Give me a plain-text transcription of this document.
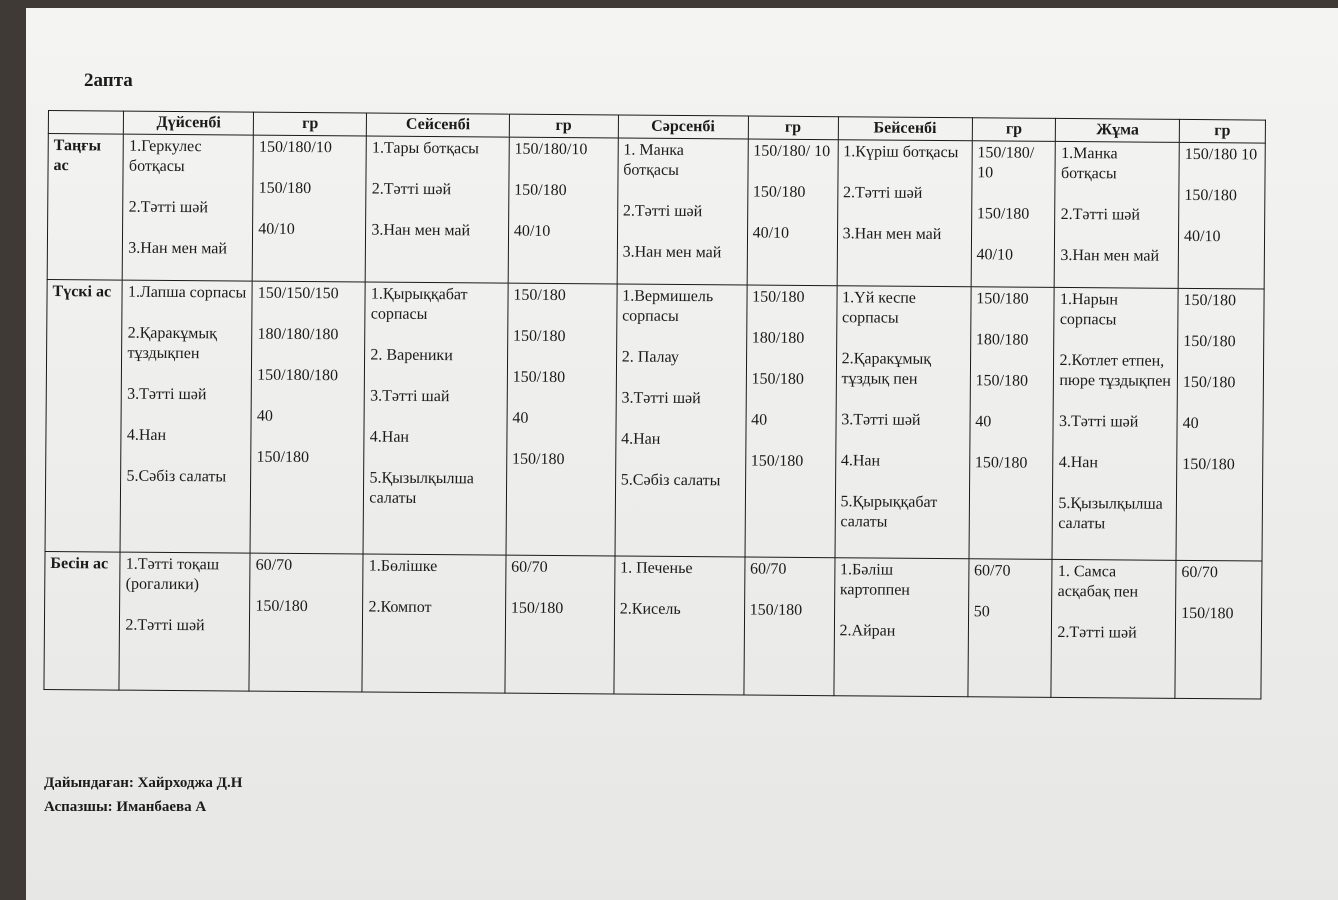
2апта
	Дүйсенбі	гр	Сейсенбі	гр	Сәрсенбі	гр	Бейсенбі	гр	Жұма	гр
Таңғы ас	1.Геркулес ботқасы
2.Тәтті шәй
3.Нан мен май	150/180/10
150/180
40/10	1.Тары ботқасы
2.Тәтті шәй
3.Нан мен май	150/180/10
150/180
40/10	1. Манка ботқасы
2.Тәтті шәй
3.Нан мен май	150/180/ 10
150/180
40/10	1.Күріш ботқасы
2.Тәтті шәй
3.Нан мен май	150/180/ 10
150/180
40/10	1.Манка ботқасы
2.Тәтті шәй
3.Нан мен май	150/180 10
150/180
40/10

Түскі ас	1.Лапша сорпасы
2.Қаракұмық тұздықпен
3.Тәтті шәй
4.Нан
5.Сәбіз салаты	150/150/150
180/180/180
150/180/180
40
150/180	1.Қырыққабат сорпасы
2. Вареники
3.Тәтті шай
4.Нан
5.Қызылқылша салаты	150/180
150/180
150/180
40
150/180	1.Вермишель сорпасы
2. Палау
3.Тәтті шәй
4.Нан
5.Сәбіз салаты	150/180
180/180
150/180
40
150/180	1.Үй кеспе сорпасы
2.Қаракұмық тұздық пен
3.Тәтті шәй
4.Нан
5.Қырыққабат салаты	150/180
180/180
150/180
40
150/180	1.Нарын сорпасы
2.Котлет етпен, пюре тұздықпен
3.Тәтті шәй
4.Нан
5.Қызылқылша салаты	150/180
150/180
150/180
40
150/180

Бесін ас	1.Тәтті тоқаш (рогалики)
2.Тәтті шәй	60/70
150/180	1.Бөлішке
2.Компот	60/70
150/180	1. Печенье
2.Кисель	60/70
150/180	1.Бәліш картоппен
2.Айран	60/70
50	1. Самса асқабақ пен
2.Тәтті шәй	60/70
150/180
Дайындаған: Хайрходжа Д.Н
Аспазшы: Иманбаева А
